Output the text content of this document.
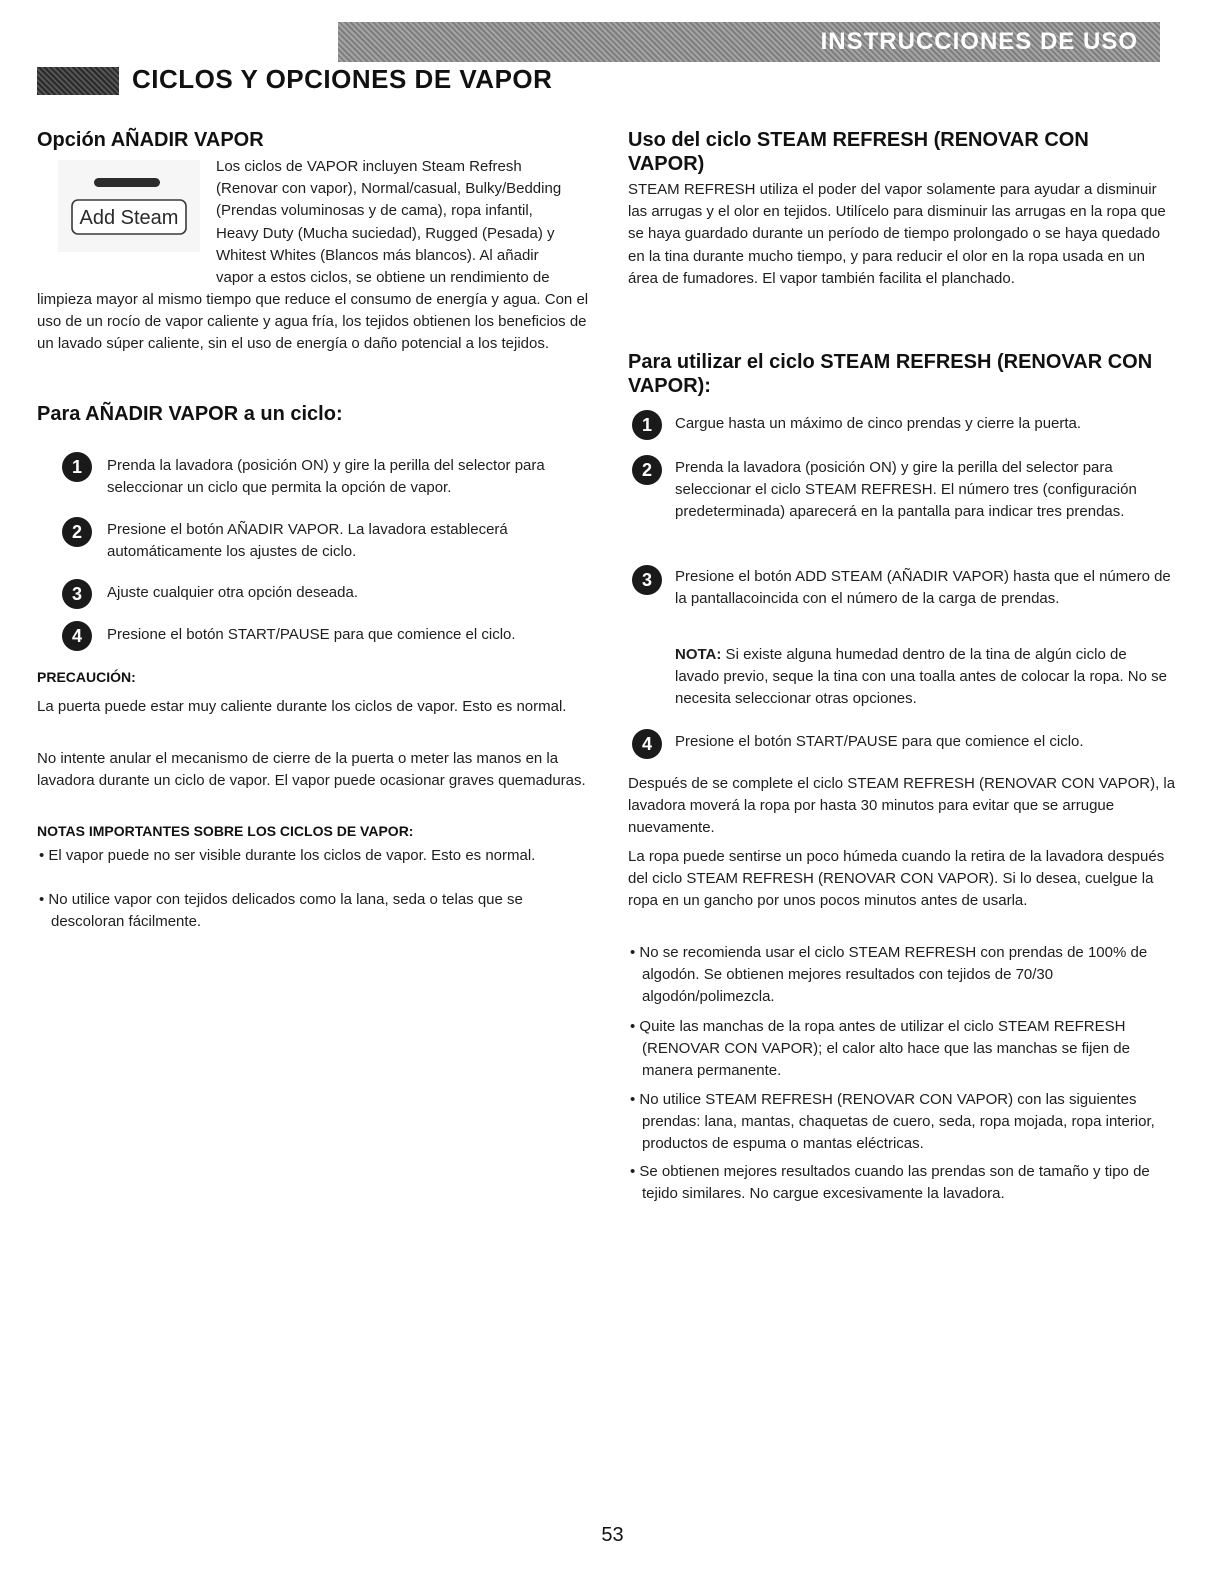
INSTRUCCIONES DE USO
CICLOS Y OPCIONES DE VAPOR
Opción AÑADIR VAPOR
Add Steam
Los ciclos de VAPOR incluyen Steam Refresh
(Renovar con vapor), Normal/casual, Bulky/Bedding
(Prendas voluminosas y de cama), ropa infantil,
Heavy Duty (Mucha suciedad), Rugged (Pesada) y
Whitest Whites (Blancos más blancos). Al añadir
vapor a estos ciclos, se obtiene un rendimiento de

limpieza mayor al mismo tiempo que reduce el consumo de energía y agua. Con el uso de un rocío de vapor caliente y agua fría, los tejidos obtienen los beneficios de un lavado súper caliente, sin el uso de energía o daño potencial a los tejidos.

Para AÑADIR VAPOR a un ciclo:
1	Prenda la lavadora (posición ON) y gire la perilla del selector para seleccionar un ciclo que permita la opción de vapor.

2	Presione el botón AÑADIR VAPOR. La lavadora establecerá automáticamente los ajustes de ciclo.

3	Ajuste cualquier otra opción deseada.

4	Presione el botón START/PAUSE para que comience el ciclo.

PRECAUCIÓN:

La puerta puede estar muy caliente durante los ciclos de vapor. Esto es normal.

No intente anular el mecanismo de cierre de la puerta o meter las manos en la lavadora durante un ciclo de vapor. El vapor puede ocasionar graves quemaduras.

NOTAS IMPORTANTES SOBRE LOS CICLOS DE VAPOR:

• El vapor puede no ser visible durante los ciclos de vapor. Esto es normal.

• No utilice vapor con tejidos delicados como la lana, seda o telas que se descoloran fácilmente.

Uso del ciclo STEAM REFRESH (RENOVAR CON VAPOR)

STEAM REFRESH utiliza el poder del vapor solamente para ayudar a disminuir las arrugas y el olor en tejidos. Utilícelo para disminuir las arrugas en la ropa que se haya guardado durante un período de tiempo prolongado o se haya quedado en la tina durante mucho tiempo, y para reducir el olor en la ropa usada en un área de fumadores. El vapor también facilita el planchado.

Para utilizar el ciclo STEAM REFRESH (RENOVAR CON VAPOR):
1	Cargue hasta un máximo de cinco prendas y cierre la puerta.

2	Prenda la lavadora (posición ON) y gire la perilla del selector para seleccionar el ciclo STEAM REFRESH. El número tres (configuración predeterminada) aparecerá en la pantalla para indicar tres prendas.

3	Presione el botón ADD STEAM (AÑADIR VAPOR) hasta que el número de la pantallacoincida con el número de la carga de prendas.

NOTA: Si existe alguna humedad dentro de la tina de algún ciclo de lavado previo, seque la tina con una toalla antes de colocar la ropa. No se necesita seleccionar otras opciones.

4	Presione el botón START/PAUSE para que comience el ciclo.

Después de se complete el ciclo STEAM REFRESH (RENOVAR CON VAPOR), la lavadora moverá la ropa por hasta 30 minutos para evitar que se arrugue nuevamente.

La ropa puede sentirse un poco húmeda cuando la retira de la lavadora después del ciclo STEAM REFRESH (RENOVAR CON VAPOR). Si lo desea, cuelgue la ropa en un gancho por unos pocos minutos antes de usarla.

• No se recomienda usar el ciclo STEAM REFRESH con prendas de 100% de algodón. Se obtienen mejores resultados con tejidos de 70/30 algodón/polimezcla.

• Quite las manchas de la ropa antes de utilizar el ciclo STEAM REFRESH (RENOVAR CON VAPOR); el calor alto hace que las manchas se fijen de manera permanente.

• No utilice STEAM REFRESH (RENOVAR CON VAPOR) con las siguientes prendas: lana, mantas, chaquetas de cuero, seda, ropa mojada, ropa interior, productos de espuma o mantas eléctricas.

• Se obtienen mejores resultados cuando las prendas son de tamaño y tipo de tejido similares. No cargue excesivamente la lavadora.

53
